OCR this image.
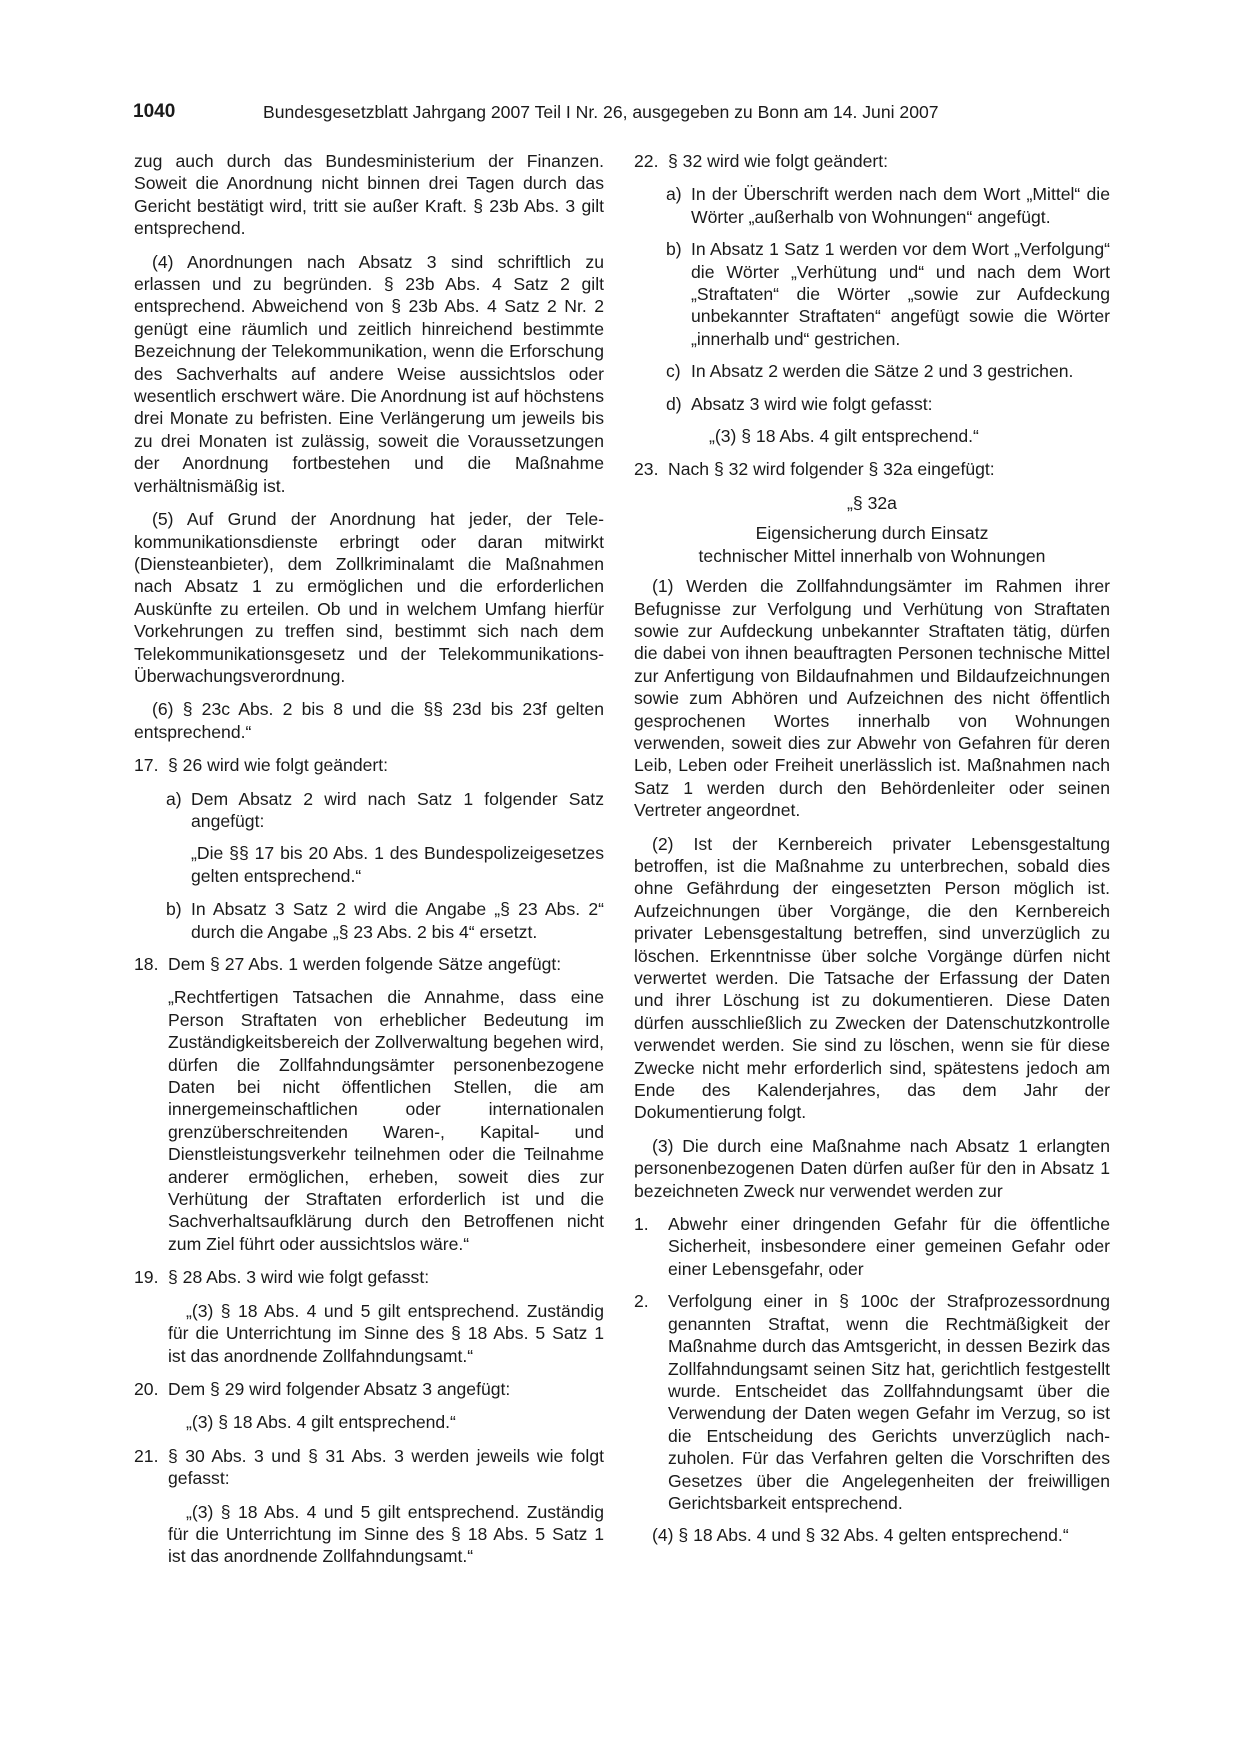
1040	Bundesgesetzblatt Jahrgang 2007 Teil I Nr. 26, ausgegeben zu Bonn am 14. Juni 2007

zug auch durch das Bundesministerium der Finanzen. Soweit die Anordnung nicht binnen drei Tagen durch das Gericht bestätigt wird, tritt sie außer Kraft. § 23b Abs. 3 gilt entsprechend.

(4) Anordnungen nach Absatz 3 sind schriftlich zu erlassen und zu begründen. § 23b Abs. 4 Satz 2 gilt entsprechend. Abweichend von § 23b Abs. 4 Satz 2 Nr. 2 genügt eine räumlich und zeitlich hinreichend bestimmte Bezeichnung der Telekommunikation, wenn die Erforschung des Sachverhalts auf andere Weise aussichtslos oder wesentlich erschwert wäre. Die Anordnung ist auf höchstens drei Monate zu befristen. Eine Verlängerung um jeweils bis zu drei Monaten ist zulässig, soweit die Voraussetzungen der Anordnung fortbestehen und die Maßnahme verhältnismäßig ist.

(5) Auf Grund der Anordnung hat jeder, der Telekommunikationsdienste erbringt oder daran mitwirkt (Diensteanbieter), dem Zollkriminalamt die Maßnahmen nach Absatz 1 zu ermöglichen und die erforderlichen Auskünfte zu erteilen. Ob und in welchem Umfang hierfür Vorkehrungen zu treffen sind, bestimmt sich nach dem Telekommunikationsgesetz und der Telekommunikations-Überwachungsverordnung.

(6) § 23c Abs. 2 bis 8 und die §§ 23d bis 23f gelten entsprechend.“

17. § 26 wird wie folgt geändert:
a) Dem Absatz 2 wird nach Satz 1 folgender Satz angefügt:
„Die §§ 17 bis 20 Abs. 1 des Bundespolizeigesetzes gelten entsprechend.“
b) In Absatz 3 Satz 2 wird die Angabe „§ 23 Abs. 2“ durch die Angabe „§ 23 Abs. 2 bis 4“ ersetzt.
18. Dem § 27 Abs. 1 werden folgende Sätze angefügt:
„Rechtfertigen Tatsachen die Annahme, dass eine Person Straftaten von erheblicher Bedeutung im Zuständigkeitsbereich der Zollverwaltung begehen wird, dürfen die Zollfahndungsämter personenbezogene Daten bei nicht öffentlichen Stellen, die am innergemeinschaftlichen oder internationalen grenzüberschreitenden Waren-, Kapital- und Dienstleistungsverkehr teilnehmen oder die Teilnahme anderer ermöglichen, erheben, soweit dies zur Verhütung der Straftaten erforderlich ist und die Sachverhaltsaufklärung durch den Betroffenen nicht zum Ziel führt oder aussichtslos wäre.“
19. § 28 Abs. 3 wird wie folgt gefasst:
„(3) § 18 Abs. 4 und 5 gilt entsprechend. Zuständig für die Unterrichtung im Sinne des § 18 Abs. 5 Satz 1 ist das anordnende Zollfahndungsamt.“
20. Dem § 29 wird folgender Absatz 3 angefügt:
„(3) § 18 Abs. 4 gilt entsprechend.“
21. § 30 Abs. 3 und § 31 Abs. 3 werden jeweils wie folgt gefasst:
„(3) § 18 Abs. 4 und 5 gilt entsprechend. Zuständig für die Unterrichtung im Sinne des § 18 Abs. 5 Satz 1 ist das anordnende Zollfahndungsamt.“
22. § 32 wird wie folgt geändert:
a) In der Überschrift werden nach dem Wort „Mittel“ die Wörter „außerhalb von Wohnungen“ angefügt.
b) In Absatz 1 Satz 1 werden vor dem Wort „Verfolgung“ die Wörter „Verhütung und“ und nach dem Wort „Straftaten“ die Wörter „sowie zur Aufdeckung unbekannter Straftaten“ angefügt sowie die Wörter „innerhalb und“ gestrichen.
c) In Absatz 2 werden die Sätze 2 und 3 gestrichen.
d) Absatz 3 wird wie folgt gefasst:
„(3) § 18 Abs. 4 gilt entsprechend.“
23. Nach § 32 wird folgender § 32a eingefügt:
„§ 32a
Eigensicherung durch Einsatz
technischer Mittel innerhalb von Wohnungen

(1) Werden die Zollfahndungsämter im Rahmen ihrer Befugnisse zur Verfolgung und Verhütung von Straftaten sowie zur Aufdeckung unbekannter Straftaten tätig, dürfen die dabei von ihnen beauftragten Personen technische Mittel zur Anfertigung von Bildaufnahmen und Bildaufzeichnungen sowie zum Abhören und Aufzeichnen des nicht öffentlich gesprochenen Wortes innerhalb von Wohnungen verwenden, soweit dies zur Abwehr von Gefahren für deren Leib, Leben oder Freiheit unerlässlich ist. Maßnahmen nach Satz 1 werden durch den Behördenleiter oder seinen Vertreter angeordnet.

(2) Ist der Kernbereich privater Lebensgestaltung betroffen, ist die Maßnahme zu unterbrechen, sobald dies ohne Gefährdung der eingesetzten Person möglich ist. Aufzeichnungen über Vorgänge, die den Kernbereich privater Lebensgestaltung betreffen, sind unverzüglich zu löschen. Erkenntnisse über solche Vorgänge dürfen nicht verwertet werden. Die Tatsache der Erfassung der Daten und ihrer Löschung ist zu dokumentieren. Diese Daten dürfen ausschließlich zu Zwecken der Datenschutzkontrolle verwendet werden. Sie sind zu löschen, wenn sie für diese Zwecke nicht mehr erforderlich sind, spätestens jedoch am Ende des Kalenderjahres, das dem Jahr der Dokumentierung folgt.

(3) Die durch eine Maßnahme nach Absatz 1 erlangten personenbezogenen Daten dürfen außer für den in Absatz 1 bezeichneten Zweck nur verwendet werden zur

1. Abwehr einer dringenden Gefahr für die öffentliche Sicherheit, insbesondere einer gemeinen Gefahr oder einer Lebensgefahr, oder
2. Verfolgung einer in § 100c der Strafprozessordnung genannten Straftat, wenn die Rechtmäßigkeit der Maßnahme durch das Amtsgericht, in dessen Bezirk das Zollfahndungsamt seinen Sitz hat, gerichtlich festgestellt wurde. Entscheidet das Zollfahndungsamt über die Verwendung der Daten wegen Gefahr im Verzug, so ist die Entscheidung des Gerichts unverzüglich nachzuholen. Für das Verfahren gelten die Vorschriften des Gesetzes über die Angelegenheiten der freiwilligen Gerichtsbarkeit entsprechend.

(4) § 18 Abs. 4 und § 32 Abs. 4 gelten entsprechend.“
